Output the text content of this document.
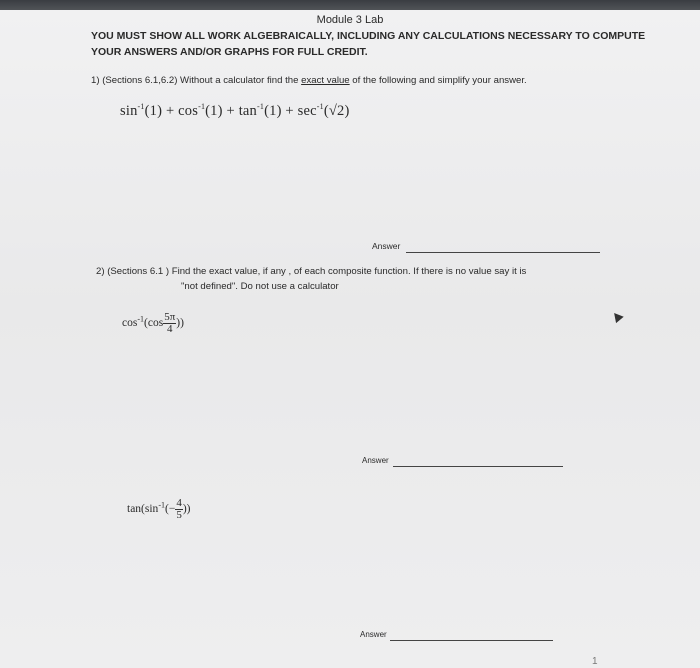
Module 3 Lab
YOU MUST SHOW ALL WORK ALGEBRAICALLY, INCLUDING ANY CALCULATIONS NECESSARY TO COMPUTE
YOUR ANSWERS AND/OR GRAPHS FOR FULL CREDIT.
1) (Sections 6.1,6.2) Without a calculator find the exact value of the following and simplify your answer.
$\sin^{-1}(1) + \cos^{-1}(1) + \tan^{-1}(1) + \sec^{-1}(√2)$
Answer
2) (Sections 6.1 ) Find the exact value, if any , of each composite function. If there is no value say it is
"not defined". Do not use a calculator
$\cos^{-1}(\cos \frac{5\pi}{4}$ ))
Answer
$\tan(\sin^{-1}(- \frac{4}{5}$ ))
Answer
1
